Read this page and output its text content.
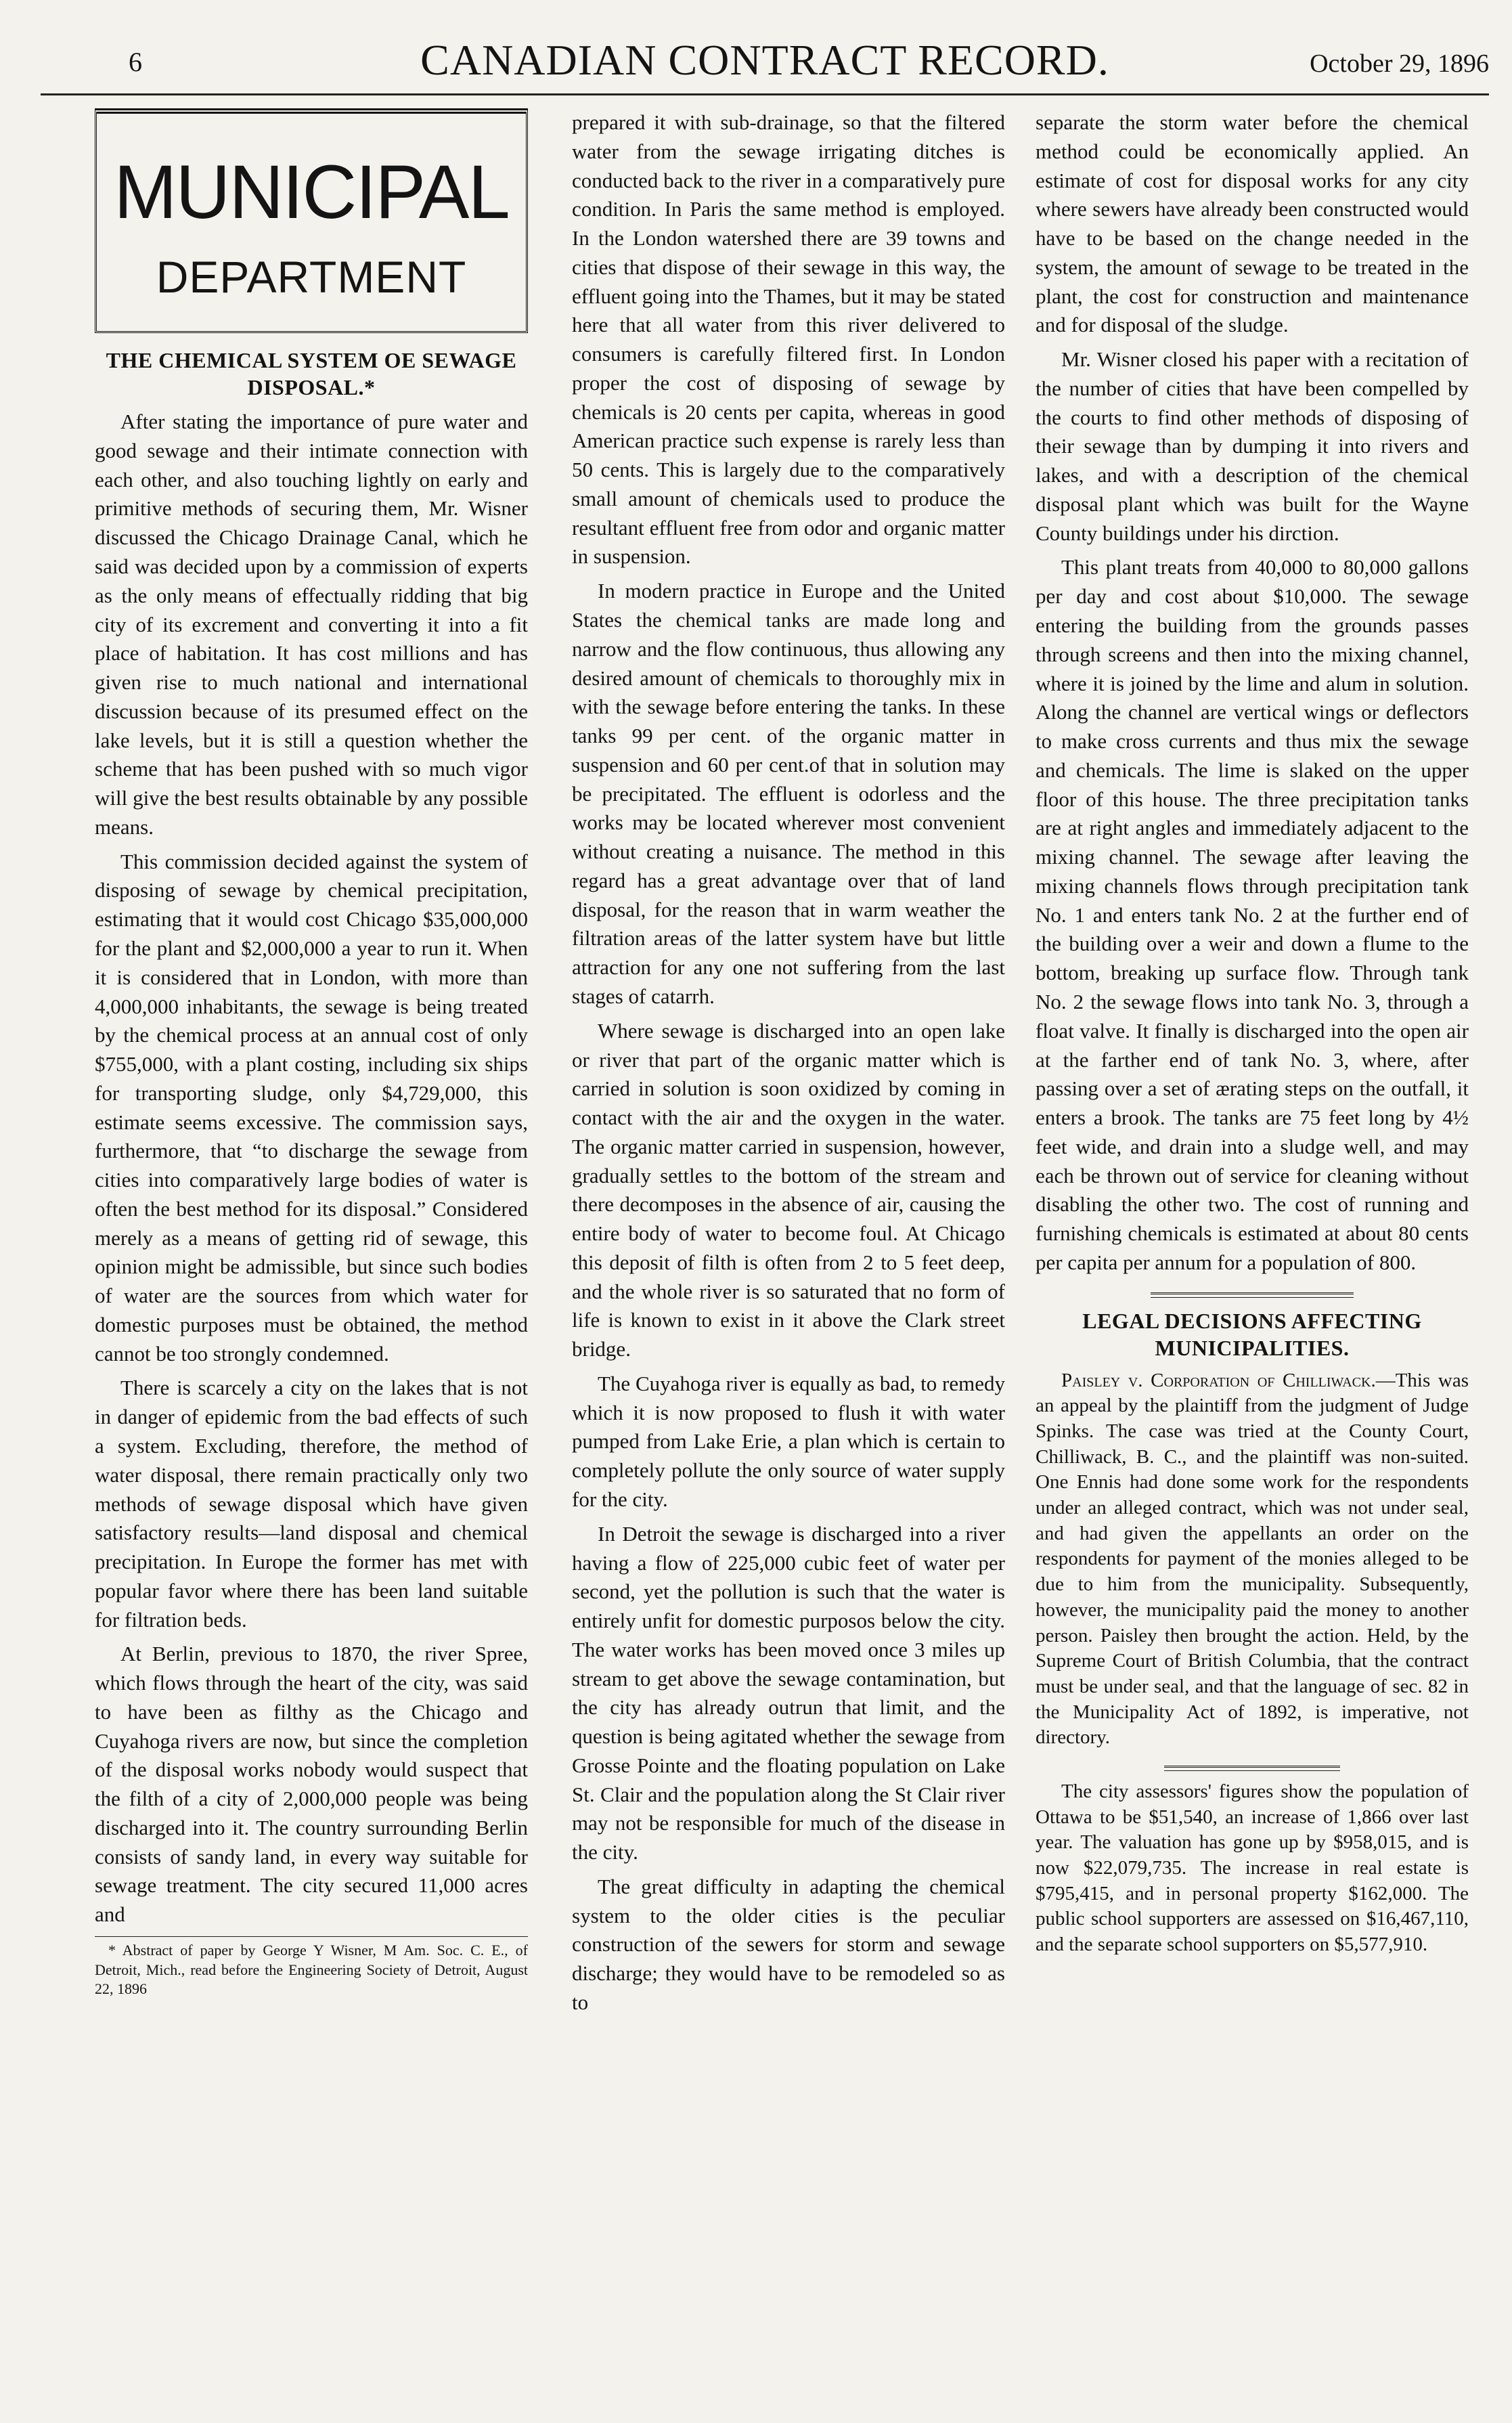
6	CANADIAN CONTRACT RECORD.	October 29, 1896
MUNICIPAL
DEPARTMENT
THE CHEMICAL SYSTEM OE SEWAGE DISPOSAL.*

After stating the importance of pure water and good sewage and their intimate connection with each other, and also touching lightly on early and primitive methods of securing them, Mr. Wisner discussed the Chicago Drainage Canal, which he said was decided upon by a commission of experts as the only means of effectually ridding that big city of its excrement and converting it into a fit place of habitation. It has cost millions and has given rise to much national and international discussion because of its presumed effect on the lake levels, but it is still a question whether the scheme that has been pushed with so much vigor will give the best results obtainable by any possible means.

This commission decided against the system of disposing of sewage by chemical precipitation, estimating that it would cost Chicago $35,000,000 for the plant and $2,000,000 a year to run it. When it is considered that in London, with more than 4,000,000 inhabitants, the sewage is being treated by the chemical process at an annual cost of only $755,000, with a plant costing, including six ships for transporting sludge, only $4,729,000, this estimate seems excessive. The commission says, furthermore, that “to discharge the sewage from cities into comparatively large bodies of water is often the best method for its disposal.” Considered merely as a means of getting rid of sewage, this opinion might be admissible, but since such bodies of water are the sources from which water for domestic purposes must be obtained, the method cannot be too strongly condemned.

There is scarcely a city on the lakes that is not in danger of epidemic from the bad effects of such a system. Excluding, therefore, the method of water disposal, there remain practically only two methods of sewage disposal which have given satisfactory results—land disposal and chemical precipitation. In Europe the former has met with popular favor where there has been land suitable for filtration beds.

At Berlin, previous to 1870, the river Spree, which flows through the heart of the city, was said to have been as filthy as the Chicago and Cuyahoga rivers are now, but since the completion of the disposal works nobody would suspect that the filth of a city of 2,000,000 people was being discharged into it. The country surrounding Berlin consists of sandy land, in every way suitable for sewage treatment. The city secured 11,000 acres and

* Abstract of paper by George Y Wisner, M Am. Soc. C. E., of Detroit, Mich., read before the Engineering Society of Detroit, August 22, 1896

prepared it with sub-drainage, so that the filtered water from the sewage irrigating ditches is conducted back to the river in a comparatively pure condition. In Paris the same method is employed. In the London watershed there are 39 towns and cities that dispose of their sewage in this way, the effluent going into the Thames, but it may be stated here that all water from this river delivered to consumers is carefully filtered first. In London proper the cost of disposing of sewage by chemicals is 20 cents per capita, whereas in good American practice such expense is rarely less than 50 cents. This is largely due to the comparatively small amount of chemicals used to produce the resultant effluent free from odor and organic matter in suspension.

In modern practice in Europe and the United States the chemical tanks are made long and narrow and the flow continuous, thus allowing any desired amount of chemicals to thoroughly mix in with the sewage before entering the tanks. In these tanks 99 per cent. of the organic matter in suspension and 60 per cent.of that in solution may be precipitated. The effluent is odorless and the works may be located wherever most convenient without creating a nuisance. The method in this regard has a great advantage over that of land disposal, for the reason that in warm weather the filtration areas of the latter system have but little attraction for any one not suffering from the last stages of catarrh.

Where sewage is discharged into an open lake or river that part of the organic matter which is carried in solution is soon oxidized by coming in contact with the air and the oxygen in the water. The organic matter carried in suspension, however, gradually settles to the bottom of the stream and there decomposes in the absence of air, causing the entire body of water to become foul. At Chicago this deposit of filth is often from 2 to 5 feet deep, and the whole river is so saturated that no form of life is known to exist in it above the Clark street bridge.

The Cuyahoga river is equally as bad, to remedy which it is now proposed to flush it with water pumped from Lake Erie, a plan which is certain to completely pollute the only source of water supply for the city.

In Detroit the sewage is discharged into a river having a flow of 225,000 cubic feet of water per second, yet the pollution is such that the water is entirely unfit for domestic purposos below the city. The water works has been moved once 3 miles up stream to get above the sewage contamination, but the city has already outrun that limit, and the question is being agitated whether the sewage from Grosse Pointe and the floating population on Lake St. Clair and the population along the St Clair river may not be responsible for much of the disease in the city.

The great difficulty in adapting the chemical system to the older cities is the peculiar construction of the sewers for storm and sewage discharge; they would have to be remodeled so as to

separate the storm water before the chemical method could be economically applied. An estimate of cost for disposal works for any city where sewers have already been constructed would have to be based on the change needed in the system, the amount of sewage to be treated in the plant, the cost for construction and maintenance and for disposal of the sludge.

Mr. Wisner closed his paper with a recitation of the number of cities that have been compelled by the courts to find other methods of disposing of their sewage than by dumping it into rivers and lakes, and with a description of the chemical disposal plant which was built for the Wayne County buildings under his dirction.

This plant treats from 40,000 to 80,000 gallons per day and cost about $10,000. The sewage entering the building from the grounds passes through screens and then into the mixing channel, where it is joined by the lime and alum in solution. Along the channel are vertical wings or deflectors to make cross currents and thus mix the sewage and chemicals. The lime is slaked on the upper floor of this house. The three precipitation tanks are at right angles and immediately adjacent to the mixing channel. The sewage after leaving the mixing channels flows through precipitation tank No. 1 and enters tank No. 2 at the further end of the building over a weir and down a flume to the bottom, breaking up surface flow. Through tank No. 2 the sewage flows into tank No. 3, through a float valve. It finally is discharged into the open air at the farther end of tank No. 3, where, after passing over a set of ærating steps on the outfall, it enters a brook. The tanks are 75 feet long by 4½ feet wide, and drain into a sludge well, and may each be thrown out of service for cleaning without disabling the other two. The cost of running and furnishing chemicals is estimated at about 80 cents per capita per annum for a population of 800.

LEGAL DECISIONS AFFECTING MUNICIPALITIES.

Paisley v. Corporation of Chilliwack.—This was an appeal by the plaintiff from the judgment of Judge Spinks. The case was tried at the County Court, Chilliwack, B. C., and the plaintiff was non-suited. One Ennis had done some work for the respondents under an alleged contract, which was not under seal, and had given the appellants an order on the respondents for payment of the monies alleged to be due to him from the municipality. Subsequently, however, the municipality paid the money to another person. Paisley then brought the action. Held, by the Supreme Court of British Columbia, that the contract must be under seal, and that the language of sec. 82 in the Municipality Act of 1892, is imperative, not directory.

The city assessors' figures show the population of Ottawa to be $51,540, an increase of 1,866 over last year. The valuation has gone up by $958,015, and is now $22,079,735. The increase in real estate is $795,415, and in personal property $162,000. The public school supporters are assessed on $16,467,110, and the separate school supporters on $5,577,910.
